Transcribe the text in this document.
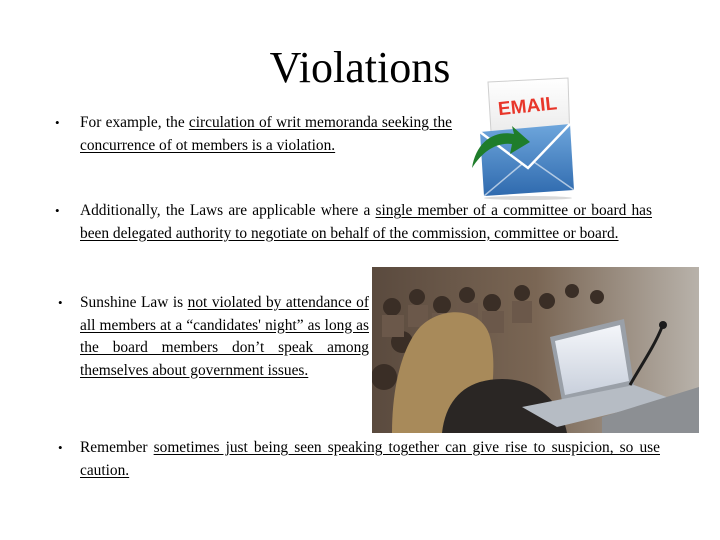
Violations
• For example, the circulation of writ memoranda seeking the concurrence of ot members is a violation.
• Additionally, the Laws are applicable where a single member of a committee or board has been delegated authority to negotiate on behalf of the commission, committee or board.
• Sunshine Law is not violated by attendance of all members at a “candidates' night” as long as the board members don’t speak among themselves about government issues.
• Remember sometimes just being seen speaking together can give rise to suspicion, so use caution.
EMAIL
